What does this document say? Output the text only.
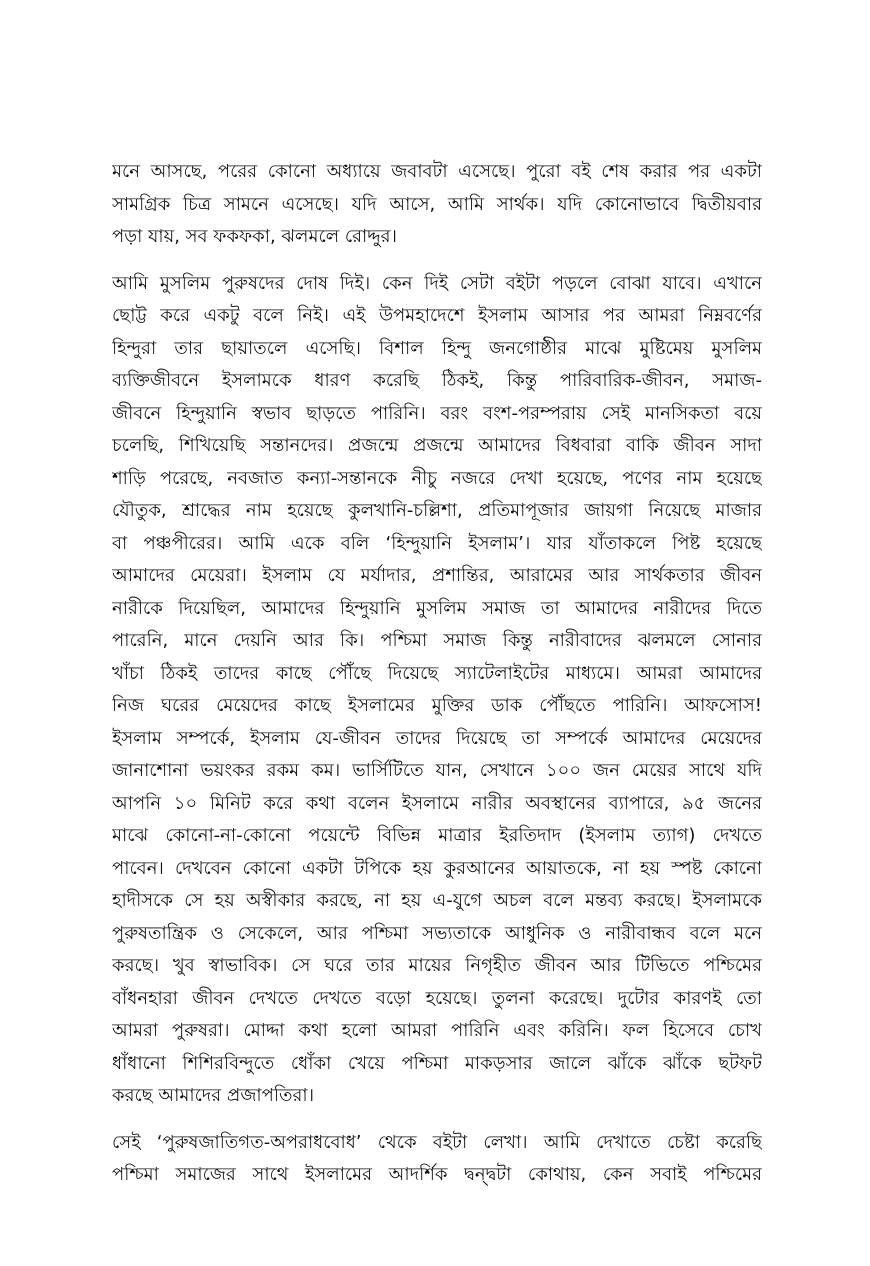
মনে আসছে, পরের কোনো অধ্যায়ে জবাবটা এসেছে। পুরো বই শেষ করার পর একটা
সামগ্রিক চিত্র সামনে এসেছে। যদি আসে, আমি সার্থক। যদি কোনোভাবে দ্বিতীয়বার
পড়া যায়, সব ফকফকা, ঝলমলে রোদ্দুর।

আমি মুসলিম পুরুষদের দোষ দিই। কেন দিই সেটা বইটা পড়লে বোঝা যাবে। এখানে
ছোট্ট করে একটু বলে নিই। এই উপমহাদেশে ইসলাম আসার পর আমরা নিম্নবর্ণের
হিন্দুরা তার ছায়াতলে এসেছি। বিশাল হিন্দু জনগোষ্ঠীর মাঝে মুষ্টিমেয় মুসলিম
ব্যক্তিজীবনে ইসলামকে ধারণ করেছি ঠিকই, কিন্তু পারিবারিক-জীবন, সমাজ-
জীবনে হিন্দুয়ানি স্বভাব ছাড়তে পারিনি। বরং বংশ-পরম্পরায় সেই মানসিকতা বয়ে
চলেছি, শিখিয়েছি সন্তানদের। প্রজন্মে প্রজন্মে আমাদের বিধবারা বাকি জীবন সাদা
শাড়ি পরেছে, নবজাত কন্যা-সন্তানকে নীচু নজরে দেখা হয়েছে, পণের নাম হয়েছে
যৌতুক, শ্রাদ্ধের নাম হয়েছে কুলখানি-চল্লিশা, প্রতিমাপূজার জায়গা নিয়েছে মাজার
বা পঞ্চপীরের। আমি একে বলি ‘হিন্দুয়ানি ইসলাম’। যার যাঁতাকলে পিষ্ট হয়েছে
আমাদের মেয়েরা। ইসলাম যে মর্যাদার, প্রশান্তির, আরামের আর সার্থকতার জীবন
নারীকে দিয়েছিল, আমাদের হিন্দুয়ানি মুসলিম সমাজ তা আমাদের নারীদের দিতে
পারেনি, মানে দেয়নি আর কি। পশ্চিমা সমাজ কিন্তু নারীবাদের ঝলমলে সোনার
খাঁচা ঠিকই তাদের কাছে পৌঁছে দিয়েছে স্যাটেলাইটের মাধ্যমে। আমরা আমাদের
নিজ ঘরের মেয়েদের কাছে ইসলামের মুক্তির ডাক পৌঁছতে পারিনি। আফসোস!
ইসলাম সম্পর্কে, ইসলাম যে-জীবন তাদের দিয়েছে তা সম্পর্কে আমাদের মেয়েদের
জানাশোনা ভয়ংকর রকম কম। ভার্সিটিতে যান, সেখানে ১০০ জন মেয়ের সাথে যদি
আপনি ১০ মিনিট করে কথা বলেন ইসলামে নারীর অবস্থানের ব্যাপারে, ৯৫ জনের
মাঝে কোনো-না-কোনো পয়েন্টে বিভিন্ন মাত্রার ইরতিদাদ (ইসলাম ত্যাগ) দেখতে
পাবেন। দেখবেন কোনো একটা টপিকে হয় কুরআনের আয়াতকে, না হয় স্পষ্ট কোনো
হাদীসকে সে হয় অস্বীকার করছে, না হয় এ-যুগে অচল বলে মন্তব্য করছে। ইসলামকে
পুরুষতান্ত্রিক ও সেকেলে, আর পশ্চিমা সভ্যতাকে আধুনিক ও নারীবান্ধব বলে মনে
করছে। খুব স্বাভাবিক। সে ঘরে তার মায়ের নিগৃহীত জীবন আর টিভিতে পশ্চিমের
বাঁধনহারা জীবন দেখতে দেখতে বড়ো হয়েছে। তুলনা করেছে। দুটোর কারণই তো
আমরা পুরুষরা। মোদ্দা কথা হলো আমরা পারিনি এবং করিনি। ফল হিসেবে চোখ
ধাঁধানো শিশিরবিন্দুতে ধোঁকা খেয়ে পশ্চিমা মাকড়সার জালে ঝাঁকে ঝাঁকে ছটফট
করছে আমাদের প্রজাপতিরা।

সেই ‘পুরুষজাতিগত-অপরাধবোধ’ থেকে বইটা লেখা। আমি দেখাতে চেষ্টা করেছি
পশ্চিমা সমাজের সাথে ইসলামের আদর্শিক দ্বন্দ্বটা কোথায়, কেন সবাই পশ্চিমের
